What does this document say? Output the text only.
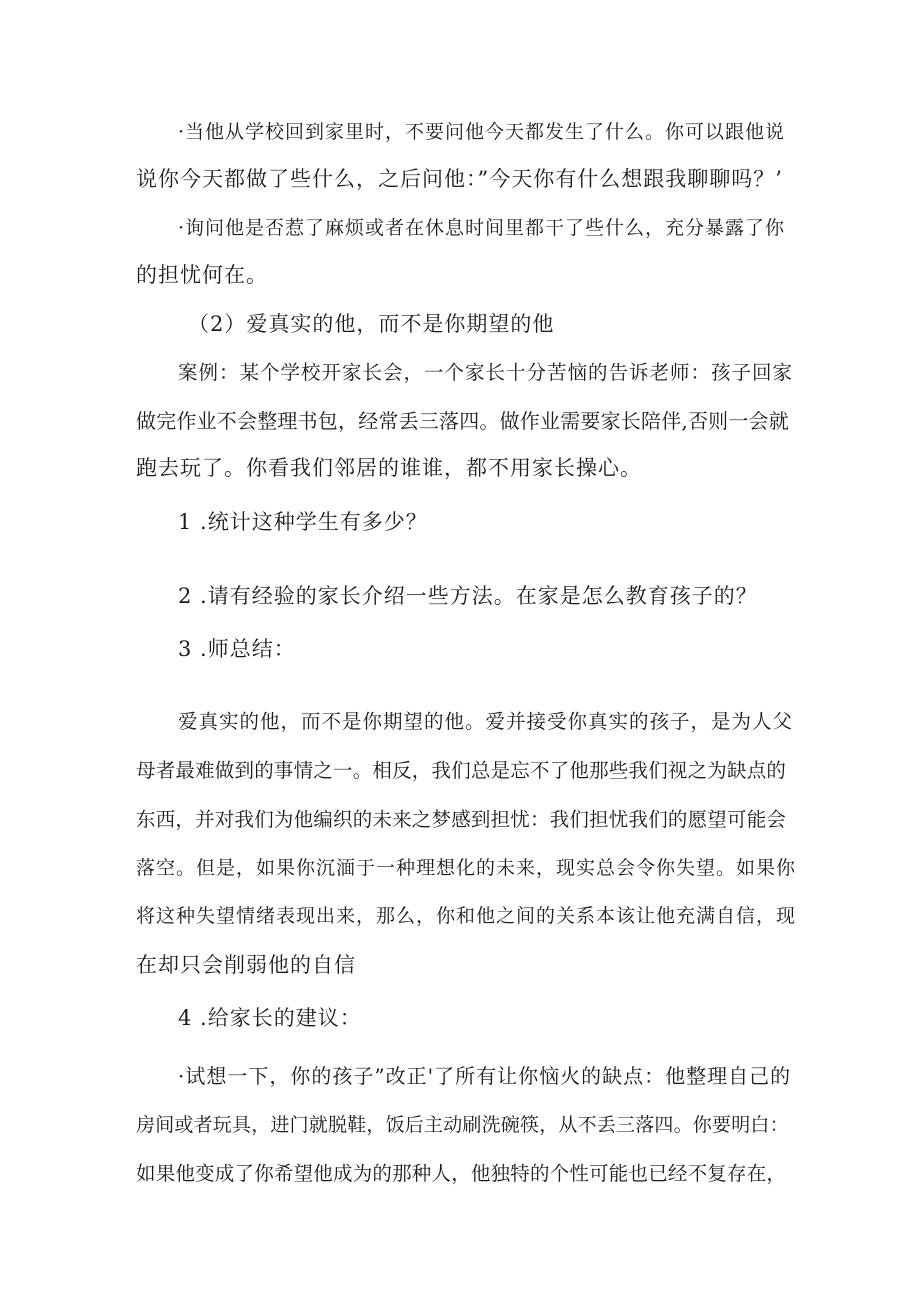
·当他从学校回到家里时，不要问他今天都发生了什么。你可以跟他说
说你今天都做了些什么，之后问他：”今天你有什么想跟我聊聊吗？’
·询问他是否惹了麻烦或者在休息时间里都干了些什么，充分暴露了你
的担忧何在。
（2）爱真实的他，而不是你期望的他
案例：某个学校开家长会，一个家长十分苦恼的告诉老师：孩子回家
做完作业不会整理书包，经常丢三落四。做作业需要家长陪伴,否则一会就
跑去玩了。你看我们邻居的谁谁，都不用家长操心。
1 .统计这种学生有多少？
2 .请有经验的家长介绍一些方法。在家是怎么教育孩子的？
3 .师总结：
爱真实的他，而不是你期望的他。爱并接受你真实的孩子，是为人父
母者最难做到的事情之一。相反，我们总是忘不了他那些我们视之为缺点的
东西，并对我们为他编织的未来之梦感到担忧：我们担忧我们的愿望可能会
落空。但是，如果你沉湎于一种理想化的未来，现实总会令你失望。如果你
将这种失望情绪表现出来，那么，你和他之间的关系本该让他充满自信，现
在却只会削弱他的自信
4 .给家长的建议：
·试想一下，你的孩子”改正'了所有让你恼火的缺点：他整理自己的
房间或者玩具，进门就脱鞋，饭后主动刷洗碗筷，从不丢三落四。你要明白：
如果他变成了你希望他成为的那种人，他独特的个性可能也已经不复存在，
